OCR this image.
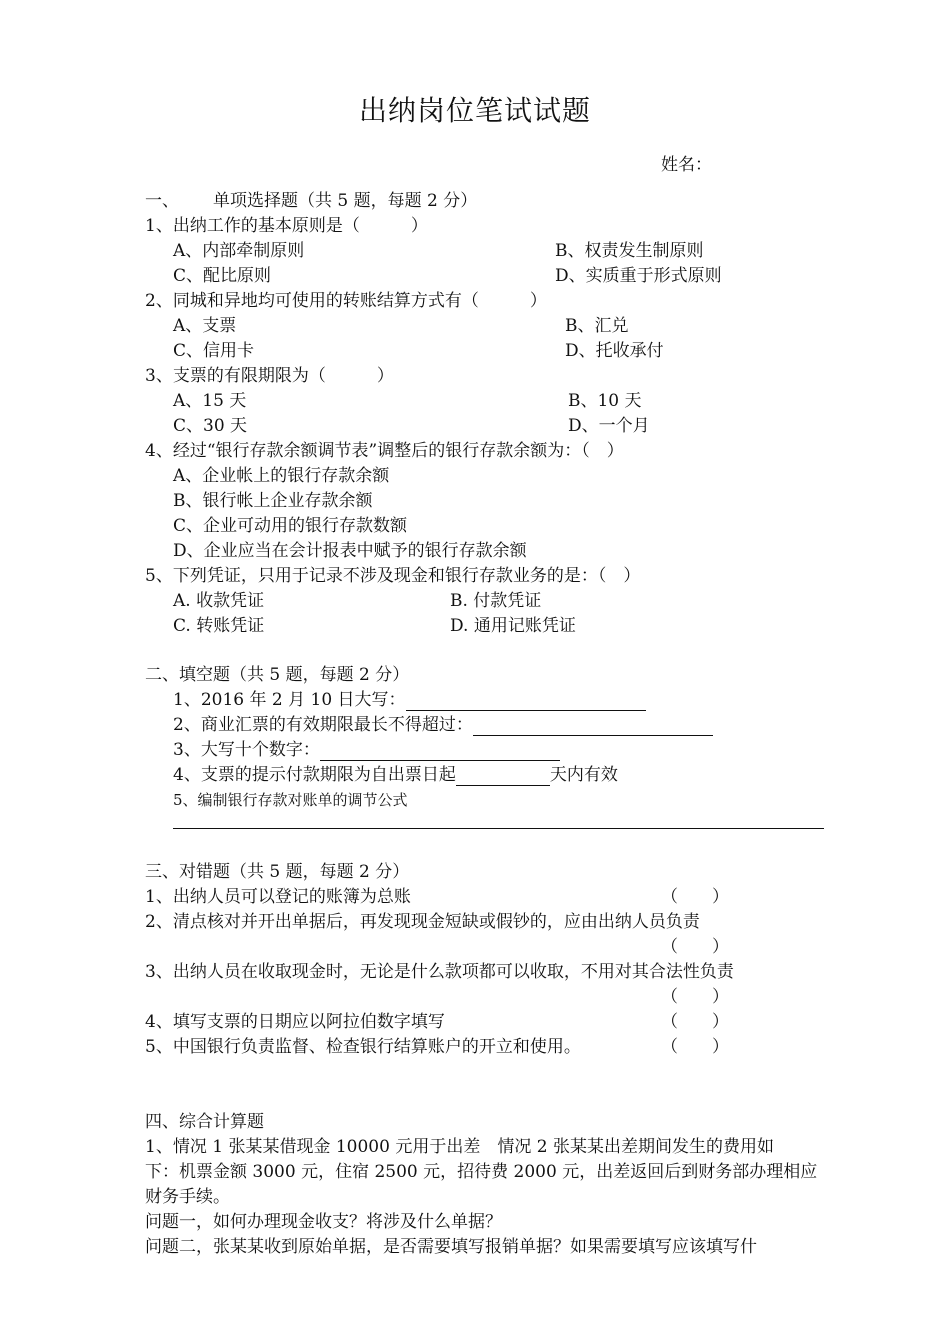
出纳岗位笔试试题
姓名：
一、 单项选择题（共 5 题，每题 2 分）
1、出纳工作的基本原则是（　　　）
A、内部牵制原则	B、权责发生制原则
C、配比原则	D、实质重于形式原则
2、同城和异地均可使用的转账结算方式有（　　　）
A、支票	B、汇兑
C、信用卡	D、托收承付
3、支票的有限期限为（　　　）
A、15 天	B、10 天
C、30 天	D、一个月
4、经过“银行存款余额调节表”调整后的银行存款余额为：（　）
A、企业帐上的银行存款余额
B、银行帐上企业存款余额
C、企业可动用的银行存款数额
D、企业应当在会计报表中赋予的银行存款余额
5、下列凭证，只用于记录不涉及现金和银行存款业务的是：（　）
A. 收款凭证	B. 付款凭证
C. 转账凭证	D. 通用记账凭证
二、填空题（共 5 题，每题 2 分）
1、2016 年 2 月 10 日大写：
2、商业汇票的有效期限最长不得超过：
3、大写十个数字：
4、支票的提示付款期限为自出票日起	天内有效
5、编制银行存款对账单的调节公式
三、对错题（共 5 题，每题 2 分）
1、出纳人员可以登记的账簿为总账	（　　）
2、清点核对并开出单据后，再发现现金短缺或假钞的，应由出纳人员负责
（　　）
3、出纳人员在收取现金时，无论是什么款项都可以收取，不用对其合法性负责
（　　）
4、填写支票的日期应以阿拉伯数字填写	（　　）
5、中国银行负责监督、检查银行结算账户的开立和使用。	（　　）
四、综合计算题
1、情况 1 张某某借现金 10000 元用于出差　情况 2 张某某出差期间发生的费用如
下：机票金额 3000 元，住宿 2500 元，招待费 2000 元，出差返回后到财务部办理相应
财务手续。
问题一，如何办理现金收支？将涉及什么单据？
问题二，张某某收到原始单据，是否需要填写报销单据？如果需要填写应该填写什
